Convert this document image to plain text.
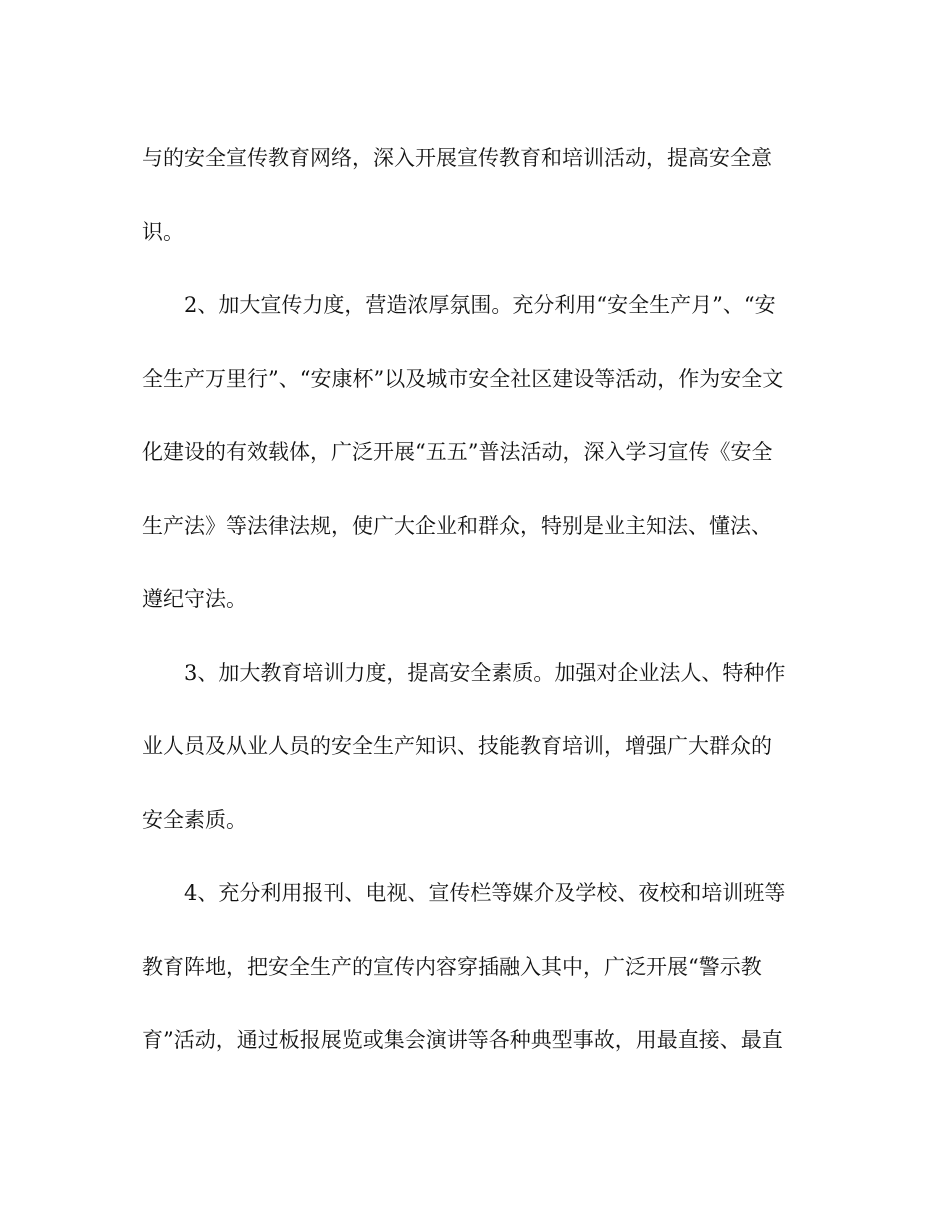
与的安全宣传教育网络，深入开展宣传教育和培训活动，提高安全意
识。
2、加大宣传力度，营造浓厚氛围。充分利用“安全生产月”、“安
全生产万里行”、“安康杯”以及城市安全社区建设等活动，作为安全文
化建设的有效载体，广泛开展“五五”普法活动，深入学习宣传《安全
生产法》等法律法规，使广大企业和群众，特别是业主知法、懂法、
遵纪守法。
3、加大教育培训力度，提高安全素质。加强对企业法人、特种作
业人员及从业人员的安全生产知识、技能教育培训，增强广大群众的
安全素质。
4、充分利用报刊、电视、宣传栏等媒介及学校、夜校和培训班等
教育阵地，把安全生产的宣传内容穿插融入其中，广泛开展“警示教
育”活动，通过板报展览或集会演讲等各种典型事故，用最直接、最直
